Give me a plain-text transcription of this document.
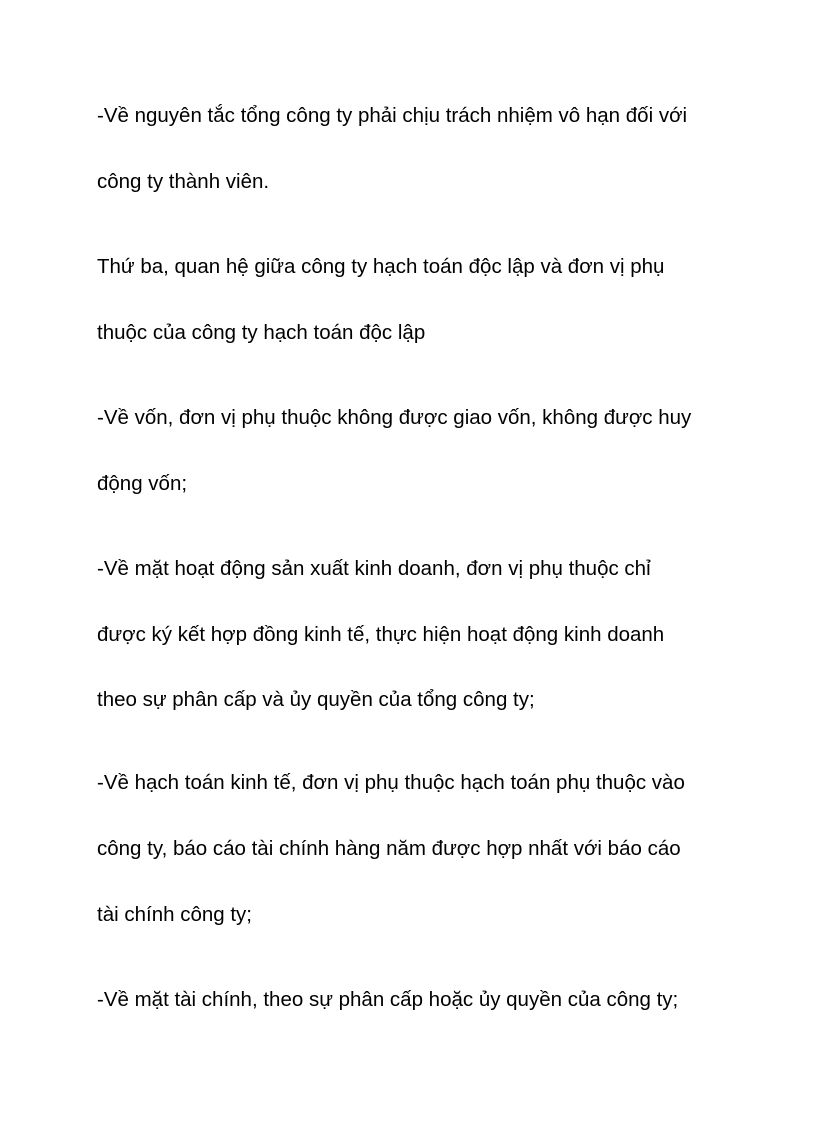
-Về nguyên tắc tổng công ty phải chịu trách nhiệm vô hạn đối với

công ty thành viên.

Thứ ba, quan hệ giữa công ty hạch toán độc lập và đơn vị phụ

thuộc của công ty hạch toán độc lập

-Về vốn, đơn vị phụ thuộc không được giao vốn, không được huy

động vốn;

-Về mặt hoạt động sản xuất kinh doanh, đơn vị phụ thuộc chỉ

được ký kết hợp đồng kinh tế, thực hiện hoạt động kinh doanh

theo sự phân cấp và ủy quyền của tổng công ty;

-Về hạch toán kinh tế, đơn vị phụ thuộc hạch toán phụ thuộc vào

công ty, báo cáo tài chính hàng năm được hợp nhất với báo cáo

tài chính công ty;

-Về mặt tài chính, theo sự phân cấp hoặc ủy quyền của công ty;
